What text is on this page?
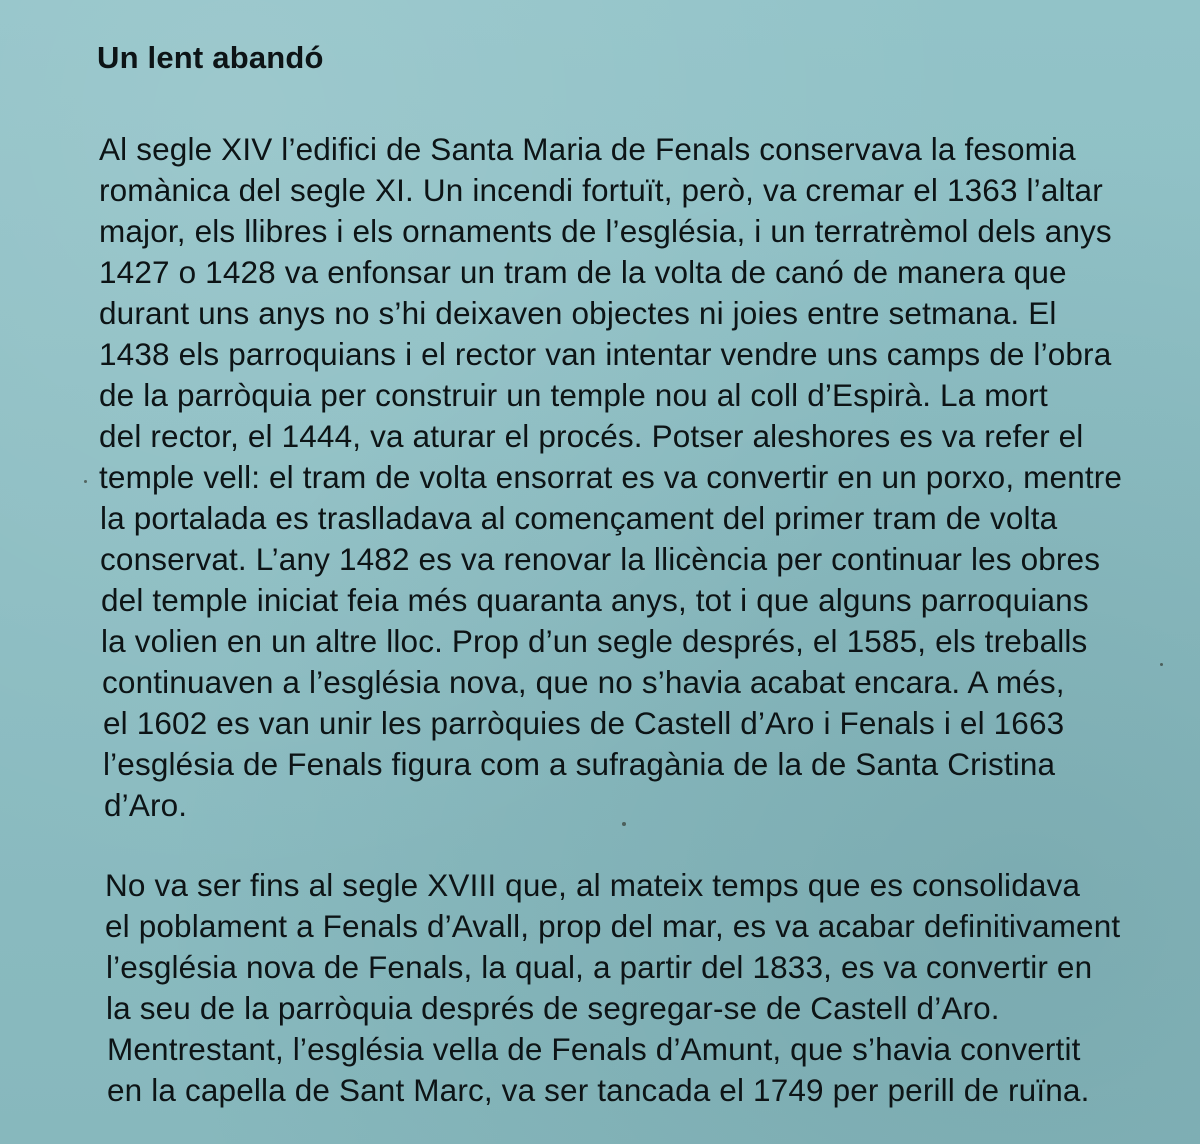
Un lent abandó
Al segle XIV l’edifici de Santa Maria de Fenals conservava la fesomia
romànica del segle XI. Un incendi fortuït, però, va cremar el 1363 l’altar
major, els llibres i els ornaments de l’església, i un terratrèmol dels anys
1427 o 1428 va enfonsar un tram de la volta de canó de manera que
durant uns anys no s’hi deixaven objectes ni joies entre setmana. El
1438 els parroquians i el rector van intentar vendre uns camps de l’obra
de la parròquia per construir un temple nou al coll d’Espirà. La mort
del rector, el 1444, va aturar el procés. Potser aleshores es va refer el
temple vell: el tram de volta ensorrat es va convertir en un porxo, mentre
la portalada es traslladava al començament del primer tram de volta
conservat. L’any 1482 es va renovar la llicència per continuar les obres
del temple iniciat feia més quaranta anys, tot i que alguns parroquians
la volien en un altre lloc. Prop d’un segle després, el 1585, els treballs
continuaven a l’església nova, que no s’havia acabat encara. A més,
el 1602 es van unir les parròquies de Castell d’Aro i Fenals i el 1663
l’església de Fenals figura com a sufragània de la de Santa Cristina
d’Aro.
No va ser fins al segle XVIII que, al mateix temps que es consolidava
el poblament a Fenals d’Avall, prop del mar, es va acabar definitivament
l’església nova de Fenals, la qual, a partir del 1833, es va convertir en
la seu de la parròquia després de segregar-se de Castell d’Aro.
Mentrestant, l’església vella de Fenals d’Amunt, que s’havia convertit
en la capella de Sant Marc, va ser tancada el 1749 per perill de ruïna.
